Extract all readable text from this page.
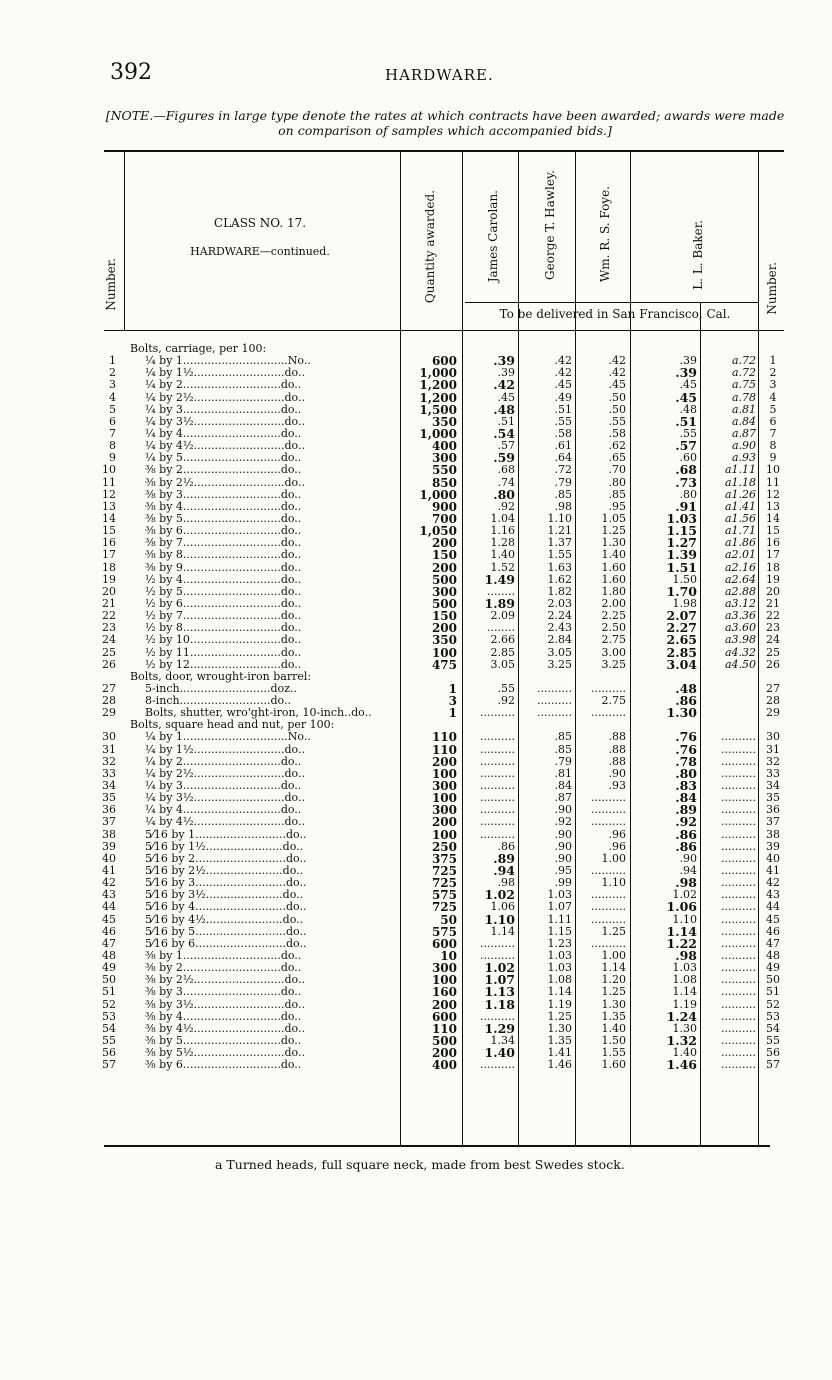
392	HARDWARE.
[NOTE.—Figures in large type denote the rates at which contracts have been awarded; awards were made on comparison of samples which accompanied bids.]
Number.
CLASS NO. 17.
HARDWARE—continued.	Quantity awarded.	James Carolan.	George T. Hawley.	Wm. R. S. Foye.	L. L. Baker.
To be delivered in San Francisco, Cal.	Number.
Bolts, carriage, per 100:
1	¼ by 1..............................No..	600	.39	.42	.42	.39	a.72	1
2	¼ by 1½..........................do..	1,000	.39	.42	.42	.39	a.72	2
3	¼ by 2............................do..	1,200	.42	.45	.45	.45	a.75	3
4	¼ by 2½..........................do..	1,200	.45	.49	.50	.45	a.78	4
5	¼ by 3............................do..	1,500	.48	.51	.50	.48	a.81	5
6	¼ by 3½..........................do..	350	.51	.55	.55	.51	a.84	6
7	¼ by 4............................do..	1,000	.54	.58	.58	.55	a.87	7
8	¼ by 4½..........................do..	400	.57	.61	.62	.57	a.90	8
9	¼ by 5............................do..	300	.59	.64	.65	.60	a.93	9
10	⅜ by 2............................do..	550	.68	.72	.70	.68	a1.11 10
11	⅜ by 2½..........................do..	850	.74	.79	.80	.73	a1.18 11
12	⅜ by 3............................do..	1,000	.80	.85	.85	.80	a1.26 12
13	⅜ by 4............................do..	900	.92	.98	.95	.91	a1.41 13
14	⅜ by 5............................do..	700	1.04	1.10	1.05	1.03	a1.56 14
15	⅜ by 6............................do..	1,050	1.16	1.21	1.25	1.15	a1.71 15
16	⅜ by 7............................do..	200	1.28	1.37	1.30	1.27	a1.86 16
17	⅜ by 8............................do..	150	1.40	1.55	1.40	1.39	a2.01 17
18	⅜ by 9............................do..	200	1.52	1.63	1.60	1.51	a2.16 18
19	½ by 4............................do..	500	1.49	1.62	1.60	1.50	a2.64 19
20	½ by 5............................do..	300	........	1.82	1.80	1.70	a2.88 20
21	½ by 6............................do..	500	1.89	2.03	2.00	1.98	a3.12 21
22	½ by 7............................do..	150	2.09	2.24	2.25	2.07	a3.36 22
23	½ by 8............................do..	200	........	2.43	2.50	2.27	a3.60 23
24	½ by 10..........................do..	350	2.66	2.84	2.75	2.65	a3.98 24
25	½ by 11..........................do..	100	2.85	3.05	3.00	2.85	a4.32 25
26	½ by 12..........................do..	475	3.05	3.25	3.25	3.04	a4.50 26
Bolts, door, wrought-iron barrel:
27	5-inch..........................doz..	1	.55	..........	..........	.48	27
28	8-inch..........................do..	3	.92	..........	2.75	.86	28
29	Bolts, shutter, wro'ght-iron, 10-inch..do..	1	..........	..........	..........	1.30	29
Bolts, square head and nut, per 100:
30	¼ by 1..............................No..	110	..........	.85	.88	.76	.......... 30
31	¼ by 1½..........................do..	110	..........	.85	.88	.76	.......... 31
32	¼ by 2............................do..	200	..........	.79	.88	.78	.......... 32
33	¼ by 2½..........................do..	100	..........	.81	.90	.80	.......... 33
34	¼ by 3............................do..	300	..........	.84	.93	.83	.......... 34
35	¼ by 3½..........................do..	100	..........	.87	..........	.84	.......... 35
36	¼ by 4............................do..	300	..........	.90	..........	.89	.......... 36
37	¼ by 4½..........................do..	200	..........	.92	..........	.92	.......... 37
38	5⁄16 by 1..........................do..	100	..........	.90	.96	.86	.......... 38
39	5⁄16 by 1½......................do..	250	.86	.90	.96	.86	.......... 39
40	5⁄16 by 2..........................do..	375	.89	.90	1.00	.90	.......... 40
41	5⁄16 by 2½......................do..	725	.94	.95	..........	.94	.......... 41
42	5⁄16 by 3..........................do..	725	.98	.99	1.10	.98	.......... 42
43	5⁄16 by 3½......................do..	575	1.02	1.03	..........	1.02	.......... 43
44	5⁄16 by 4..........................do..	725	1.06	1.07	..........	1.06	.......... 44
45	5⁄16 by 4½......................do..	50	1.10	1.11	..........	1.10	.......... 45
46	5⁄16 by 5..........................do..	575	1.14	1.15	1.25	1.14	.......... 46
47	5⁄16 by 6..........................do..	600	..........	1.23	..........	1.22	.......... 47
48	⅜ by 1............................do..	10	..........	1.03	1.00	.98	.......... 48
49	⅜ by 2............................do..	300	1.02	1.03	1.14	1.03	.......... 49
50	⅜ by 2½..........................do..	100	1.07	1.08	1.20	1.08	.......... 50
51	⅜ by 3............................do..	160	1.13	1.14	1.25	1.14	.......... 51
52	⅜ by 3½..........................do..	200	1.18	1.19	1.30	1.19	.......... 52
53	⅜ by 4............................do..	600	..........	1.25	1.35	1.24	.......... 53
54	⅜ by 4½..........................do..	110	1.29	1.30	1.40	1.30	.......... 54
55	⅜ by 5............................do..	500	1.34	1.35	1.50	1.32	.......... 55
56	⅜ by 5½..........................do..	200	1.40	1.41	1.55	1.40	.......... 56
57	⅜ by 6............................do..	400	..........	1.46	1.60	1.46	.......... 57
a Turned heads, full square neck, made from best Swedes stock.
